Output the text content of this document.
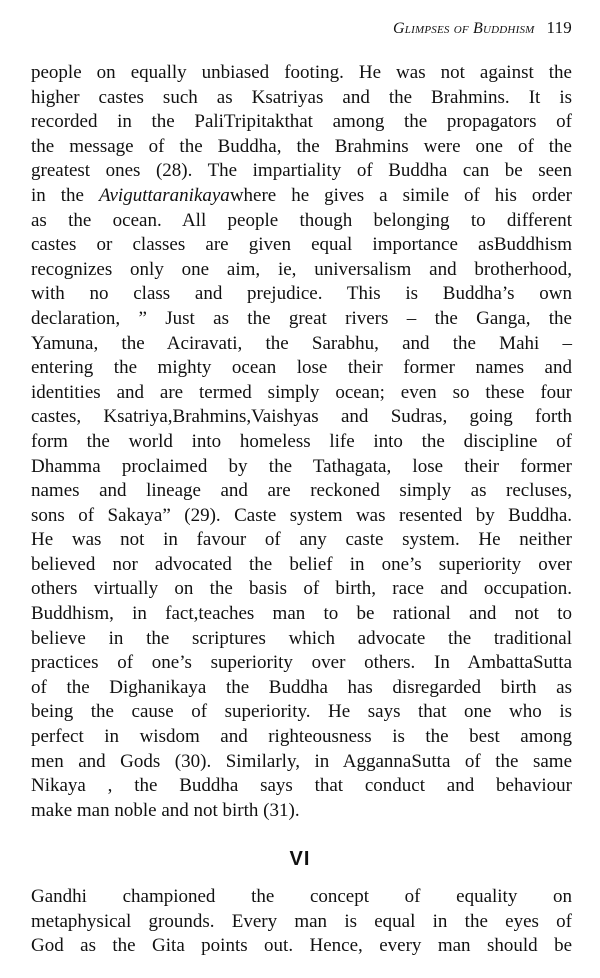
Glimpses of Buddhism 119
people on equally unbiased footing. He was not against the
higher castes such as Ksatriyas and the Brahmins. It is
recorded in the PaliTripitakthat among the propagators of
the message of the Buddha, the Brahmins were one of the
greatest ones (28). The impartiality of Buddha can be seen
in the Aviguttaranikayawhere he gives a simile of his order
as the ocean. All people though belonging to different
castes or classes are given equal importance asBuddhism
recognizes only one aim, ie, universalism and brotherhood,
with no class and prejudice. This is Buddha’s own
declaration, ” Just as the great rivers – the Ganga, the
Yamuna, the Aciravati, the Sarabhu, and the Mahi –
entering the mighty ocean lose their former names and
identities and are termed simply ocean; even so these four
castes, Ksatriya,Brahmins,Vaishyas and Sudras, going forth
form the world into homeless life into the discipline of
Dhamma proclaimed by the Tathagata, lose their former
names and lineage and are reckoned simply as recluses,
sons of Sakaya” (29). Caste system was resented by Buddha.
He was not in favour of any caste system. He neither
believed nor advocated the belief in one’s superiority over
others virtually on the basis of birth, race and occupation.
Buddhism, in fact,teaches man to be rational and not to
believe in the scriptures which advocate the traditional
practices of one’s superiority over others. In AmbattaSutta
of the Dighanikaya the Buddha has disregarded birth as
being the cause of superiority. He says that one who is
perfect in wisdom and righteousness is the best among
men and Gods (30). Similarly, in AggannaSutta of the same
Nikaya , the Buddha says that conduct and behaviour
make man noble and not birth (31).
VI
Gandhi championed the concept of equality on
metaphysical grounds. Every man is equal in the eyes of
God as the Gita points out. Hence, every man should be
